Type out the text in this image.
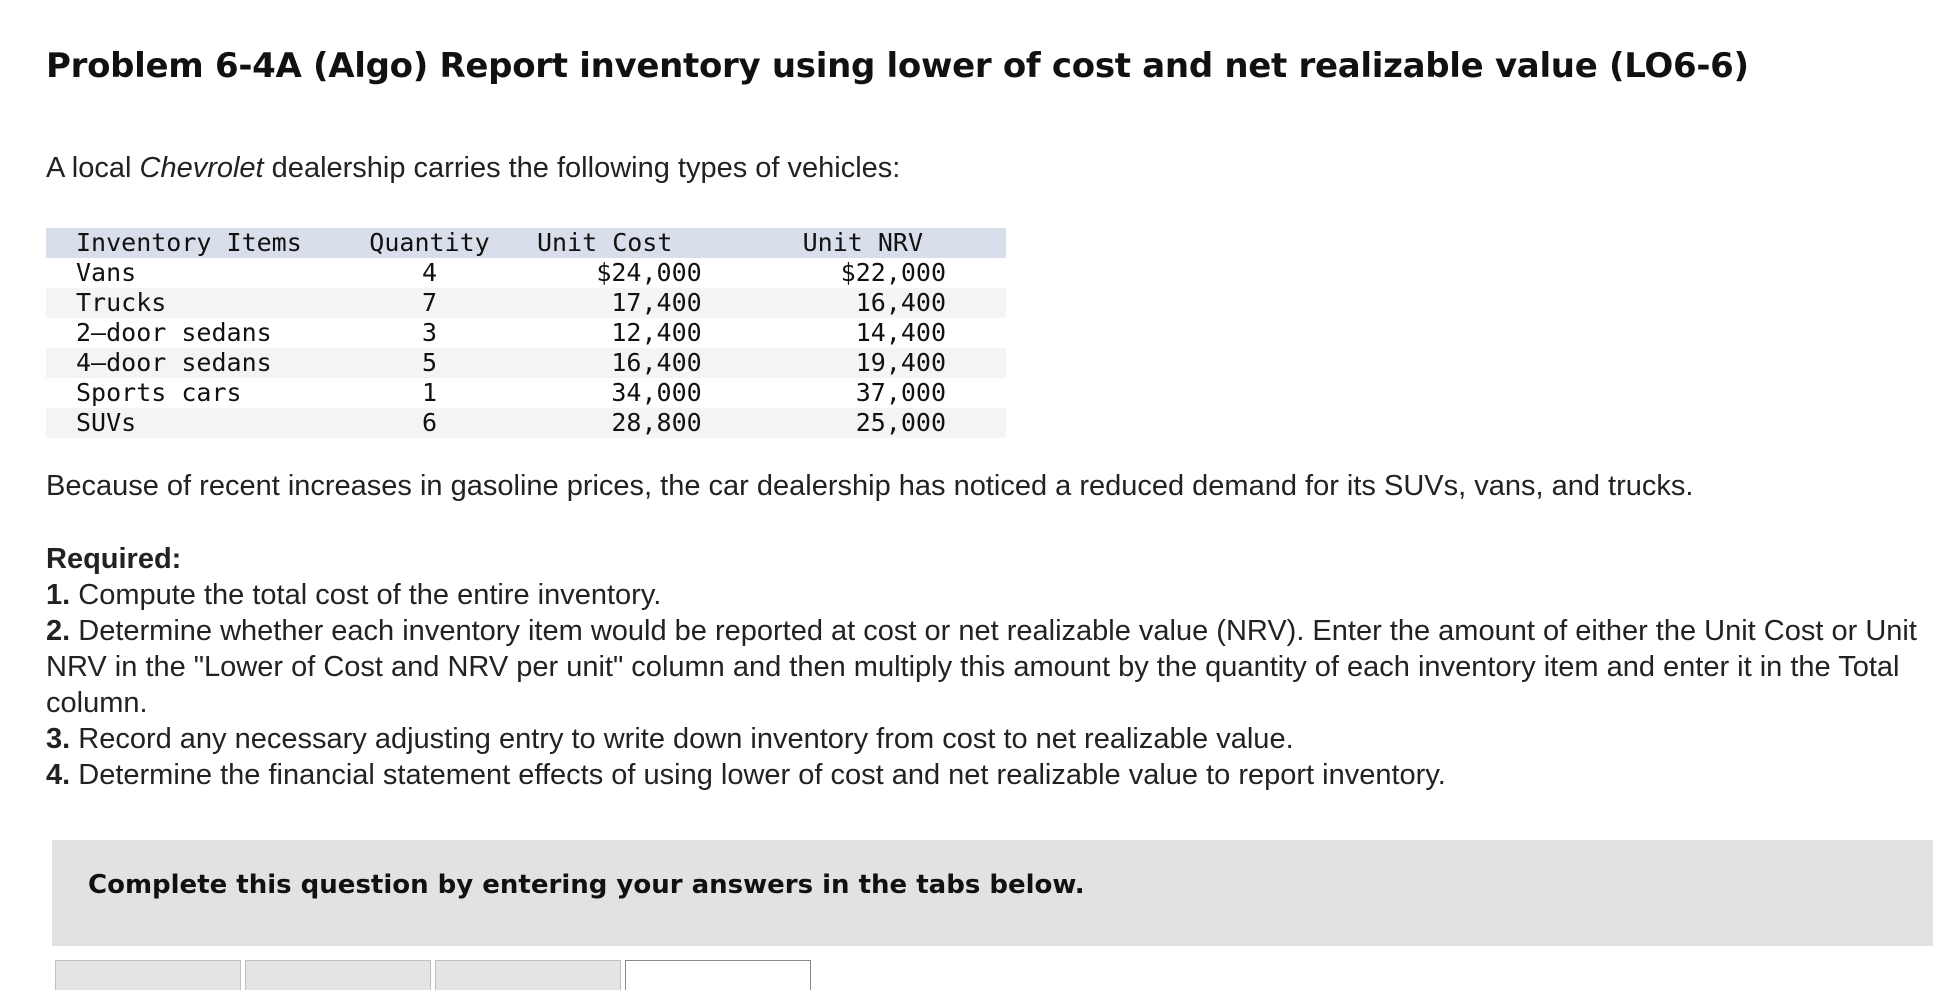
Problem 6-4A (Algo) Report inventory using lower of cost and net realizable value (LO6-6)
A local Chevrolet dealership carries the following types of vehicles:
Inventory Items	Quantity	Unit Cost	Unit NRV
Vans	4	$24,000	$22,000
Trucks	7	17,400	16,400
2–door sedans	3	12,400	14,400
4–door sedans	5	16,400	19,400
Sports cars	1	34,000	37,000
SUVs	6	28,800	25,000
Because of recent increases in gasoline prices, the car dealership has noticed a reduced demand for its SUVs, vans, and trucks.

Required:

1. Compute the total cost of the entire inventory.

2. Determine whether each inventory item would be reported at cost or net realizable value (NRV). Enter the amount of either the Unit Cost or Unit NRV in the "Lower of Cost and NRV per unit" column and then multiply this amount by the quantity of each inventory item and enter it in the Total column.

3. Record any necessary adjusting entry to write down inventory from cost to net realizable value.

4. Determine the financial statement effects of using lower of cost and net realizable value to report inventory.

Complete this question by entering your answers in the tabs below.
